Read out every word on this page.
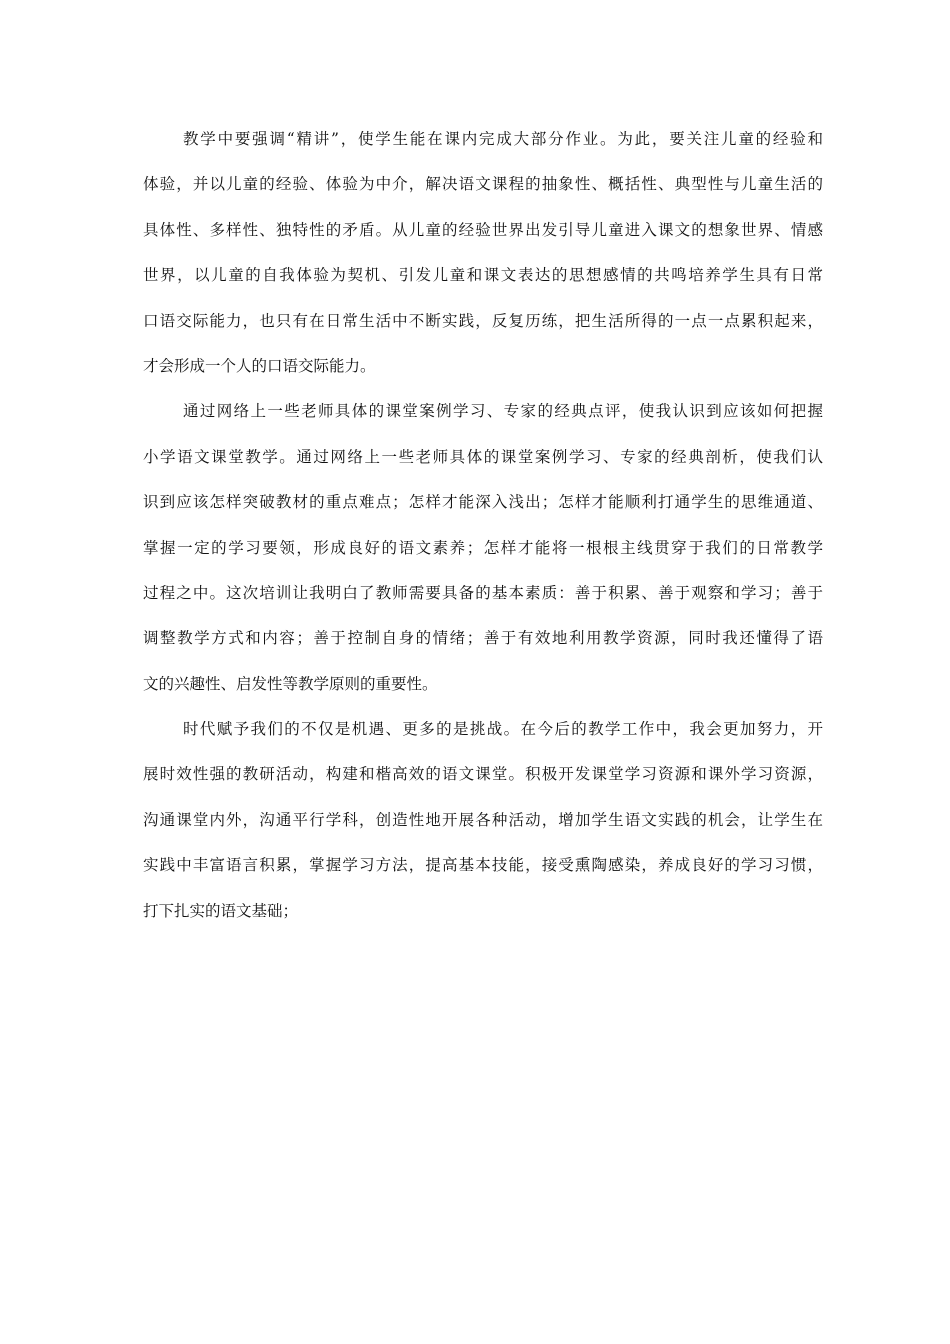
教学中要强调“精讲”，使学生能在课内完成大部分作业。为此，要关注儿童的经验和
体验，并以儿童的经验、体验为中介，解决语文课程的抽象性、概括性、典型性与儿童生活的
具体性、多样性、独特性的矛盾。从儿童的经验世界出发引导儿童进入课文的想象世界、情感
世界，以儿童的自我体验为契机、引发儿童和课文表达的思想感情的共鸣培养学生具有日常
口语交际能力，也只有在日常生活中不断实践，反复历练，把生活所得的一点一点累积起来，
才会形成一个人的口语交际能力。
通过网络上一些老师具体的课堂案例学习、专家的经典点评，使我认识到应该如何把握
小学语文课堂教学。通过网络上一些老师具体的课堂案例学习、专家的经典剖析，使我们认
识到应该怎样突破教材的重点难点；怎样才能深入浅出；怎样才能顺利打通学生的思维通道、
掌握一定的学习要领，形成良好的语文素养；怎样才能将一根根主线贯穿于我们的日常教学
过程之中。这次培训让我明白了教师需要具备的基本素质：善于积累、善于观察和学习；善于
调整教学方式和内容；善于控制自身的情绪；善于有效地利用教学资源，同时我还懂得了语
文的兴趣性、启发性等教学原则的重要性。
时代赋予我们的不仅是机遇、更多的是挑战。在今后的教学工作中，我会更加努力，开
展时效性强的教研活动，构建和楷高效的语文课堂。积极开发课堂学习资源和课外学习资源，
沟通课堂内外，沟通平行学科，创造性地开展各种活动，增加学生语文实践的机会，让学生在
实践中丰富语言积累，掌握学习方法，提高基本技能，接受熏陶感染，养成良好的学习习惯，
打下扎实的语文基础；
